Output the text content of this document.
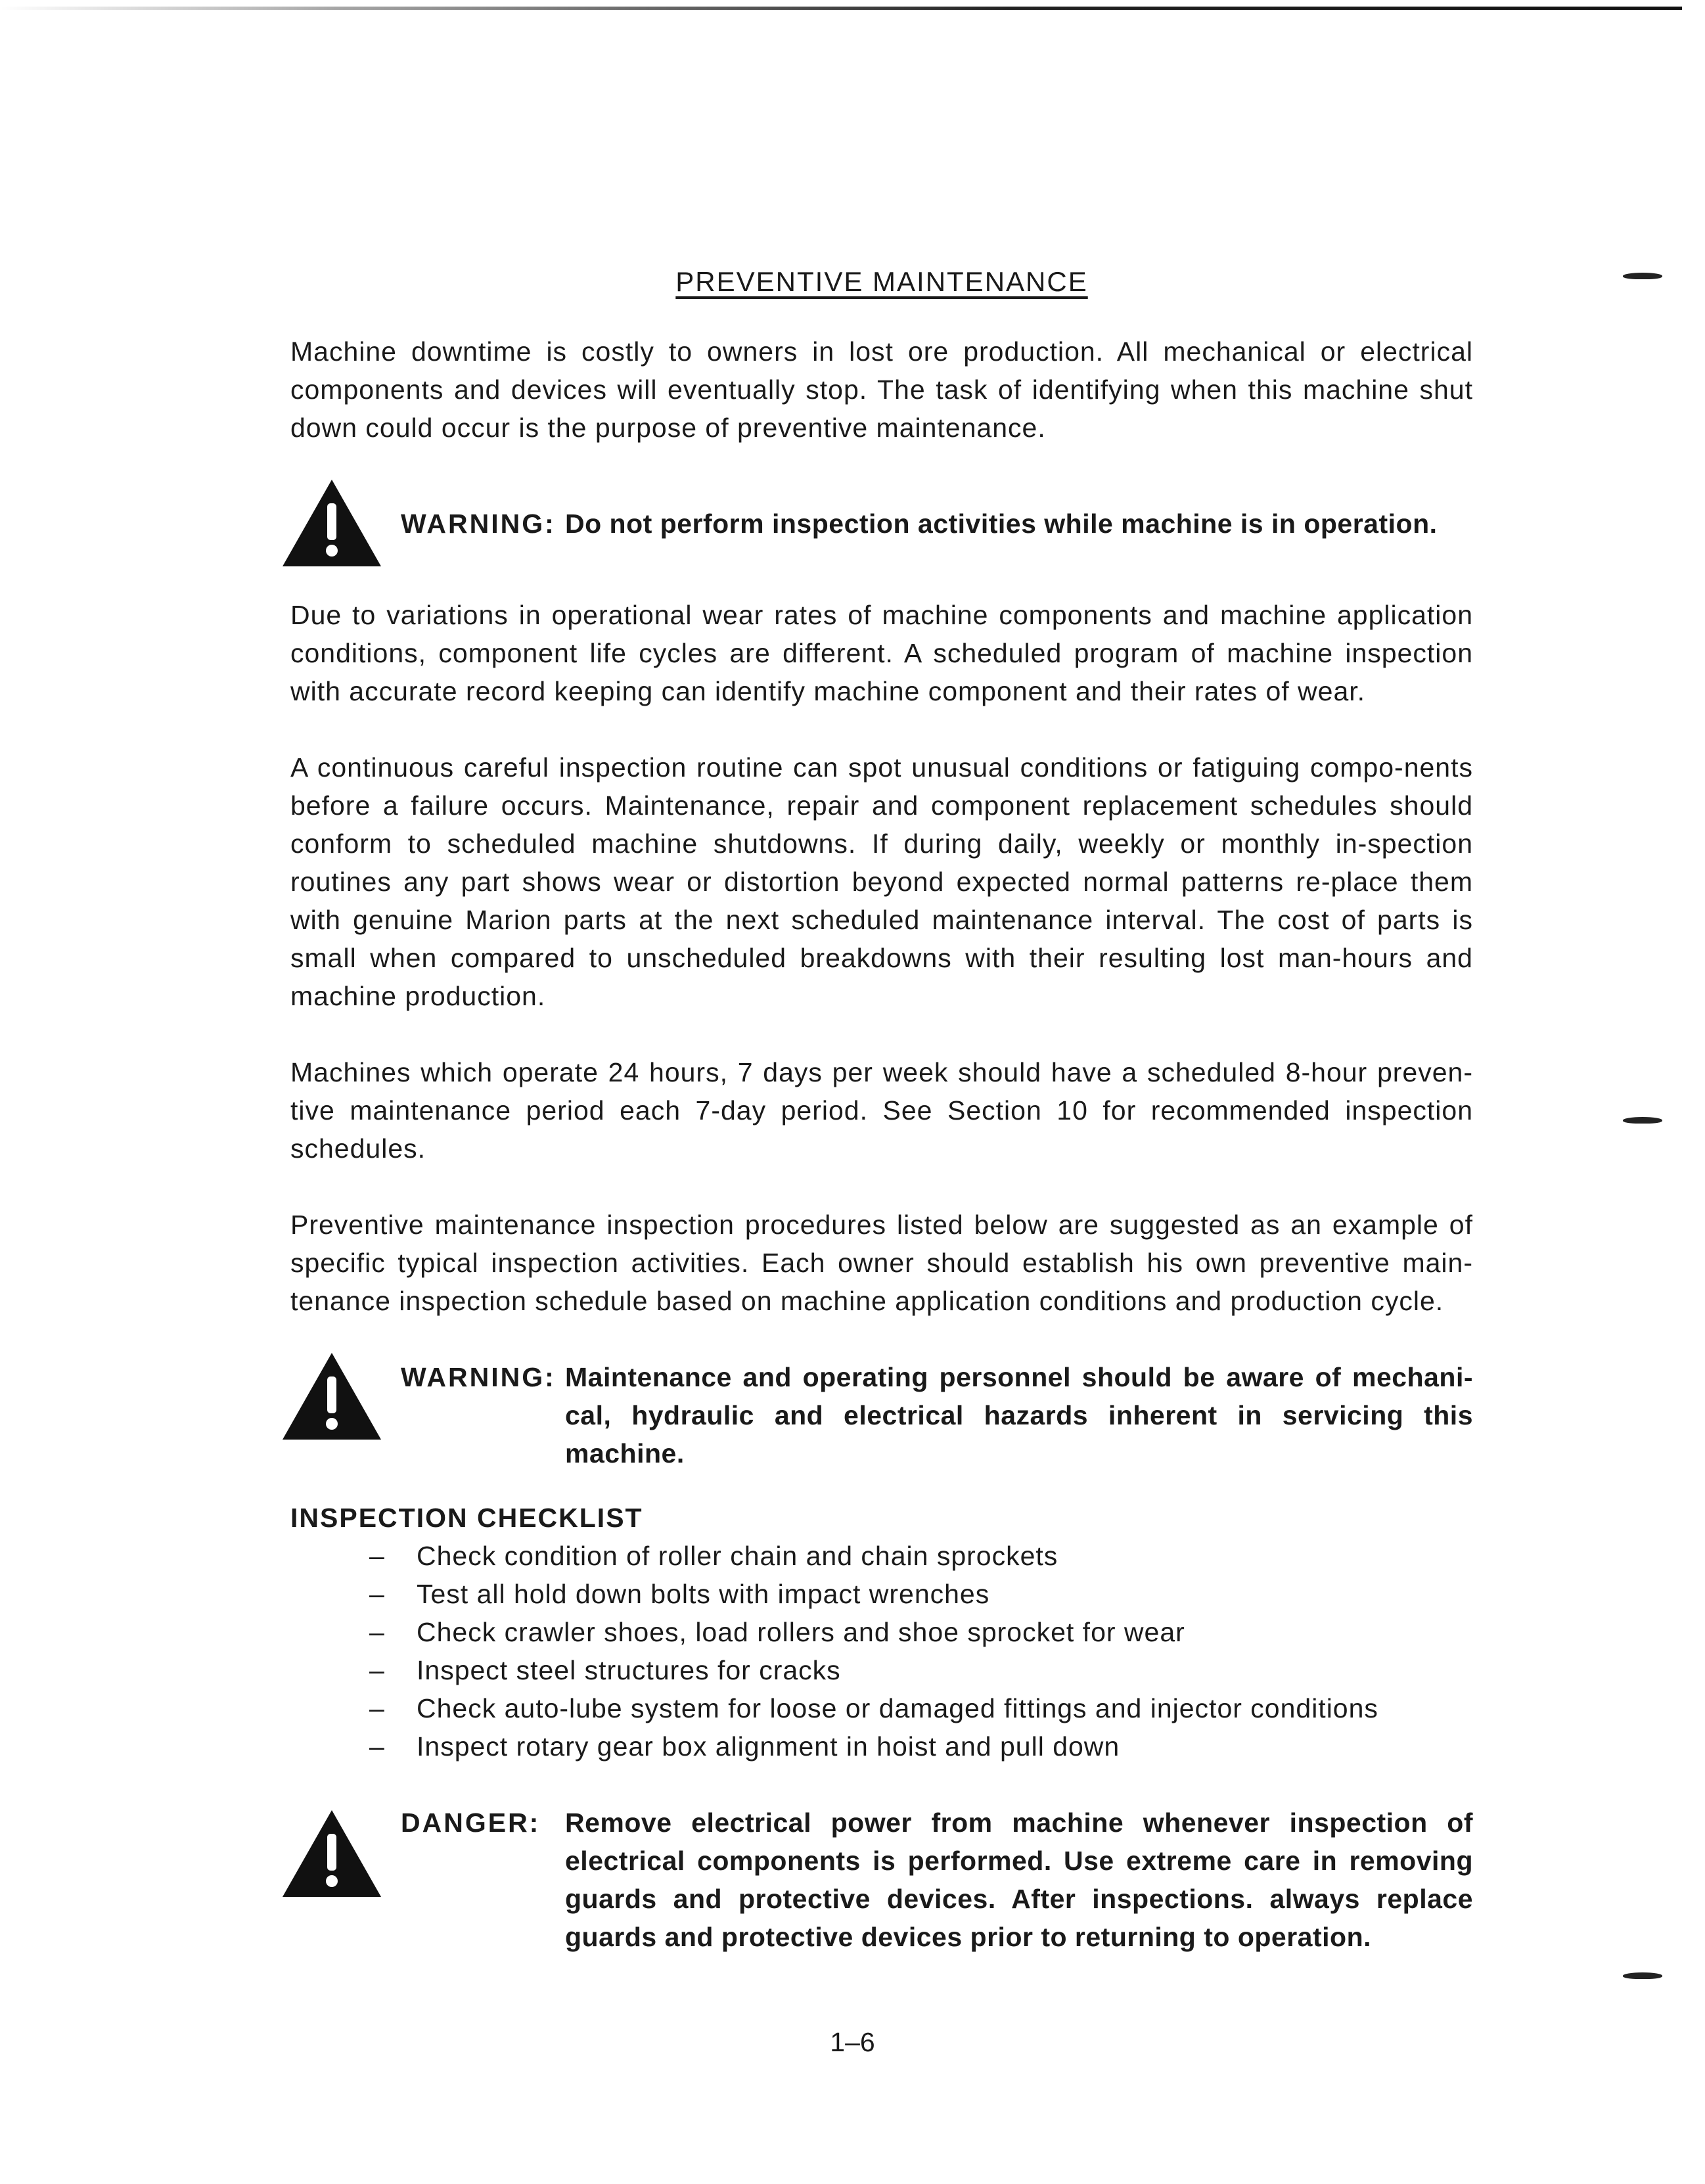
PREVENTIVE MAINTENANCE

Machine downtime is costly to owners in lost ore production. All mechanical or electrical components and devices will eventually stop. The task of identifying when this machine shut down could occur is the purpose of preventive maintenance.

WARNING: Do not perform inspection activities while machine is in operation.

Due to variations in operational wear rates of machine components and machine application conditions, component life cycles are different. A scheduled program of machine inspection with accurate record keeping can identify machine component and their rates of wear.

A continuous careful inspection routine can spot unusual conditions or fatiguing compo-nents before a failure occurs. Maintenance, repair and component replacement schedules should conform to scheduled machine shutdowns. If during daily, weekly or monthly in-spection routines any part shows wear or distortion beyond expected normal patterns re-place them with genuine Marion parts at the next scheduled maintenance interval. The cost of parts is small when compared to unscheduled breakdowns with their resulting lost man-hours and machine production.

Machines which operate 24 hours, 7 days per week should have a scheduled 8-hour preven-tive maintenance period each 7-day period. See Section 10 for recommended inspection schedules.

Preventive maintenance inspection procedures listed below are suggested as an example of specific typical inspection activities. Each owner should establish his own preventive main-tenance inspection schedule based on machine application conditions and production cycle.

WARNING: Maintenance and operating personnel should be aware of mechani-cal, hydraulic and electrical hazards inherent in servicing this machine.
INSPECTION CHECKLIST
–	Check condition of roller chain and chain sprockets
–	Test all hold down bolts with impact wrenches
–	Check crawler shoes, load rollers and shoe sprocket for wear
–	Inspect steel structures for cracks
–	Check auto-lube system for loose or damaged fittings and injector conditions
–	Inspect rotary gear box alignment in hoist and pull down
DANGER: Remove electrical power from machine whenever inspection of electrical components is performed. Use extreme care in removing guards and protective devices. After inspections. always replace guards and protective devices prior to returning to operation.
1–6
